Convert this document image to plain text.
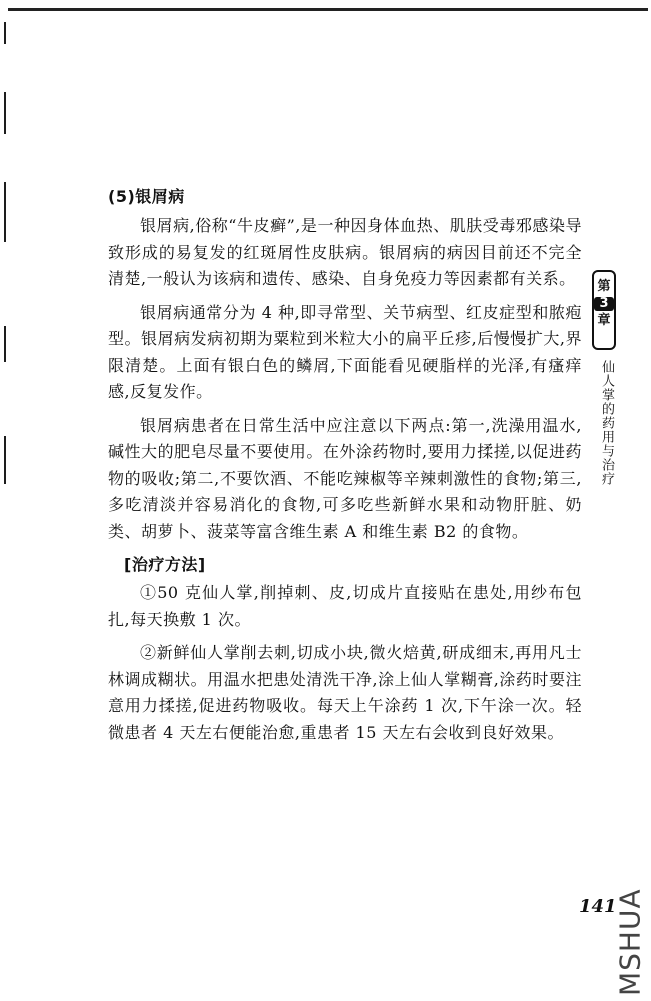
(5)银屑病

银屑病,俗称“牛皮癣”,是一种因身体血热、肌肤受毒邪感染导致形成的易复发的红斑屑性皮肤病。银屑病的病因目前还不完全清楚,一般认为该病和遗传、感染、自身免疫力等因素都有关系。

银屑病通常分为 4 种,即寻常型、关节病型、红皮症型和脓疱型。银屑病发病初期为粟粒到米粒大小的扁平丘疹,后慢慢扩大,界限清楚。上面有银白色的鳞屑,下面能看见硬脂样的光泽,有瘙痒感,反复发作。

银屑病患者在日常生活中应注意以下两点:第一,洗澡用温水,碱性大的肥皂尽量不要使用。在外涂药物时,要用力揉搓,以促进药物的吸收;第二,不要饮酒、不能吃辣椒等辛辣刺激性的食物;第三,多吃清淡并容易消化的食物,可多吃些新鲜水果和动物肝脏、奶类、胡萝卜、菠菜等富含维生素 A 和维生素 B2 的食物。

[治疗方法]

①50 克仙人掌,削掉刺、皮,切成片直接贴在患处,用纱布包扎,每天换敷 1 次。

②新鲜仙人掌削去刺,切成小块,微火焙黄,研成细末,再用凡士林调成糊状。用温水把患处清洗干净,涂上仙人掌糊膏,涂药时要注意用力揉搓,促进药物吸收。每天上午涂药 1 次,下午涂一次。轻微患者 4 天左右便能治愈,重患者 15 天左右会收到良好效果。

第
3
章
仙人掌的药用与治疗
141
MSHUA
